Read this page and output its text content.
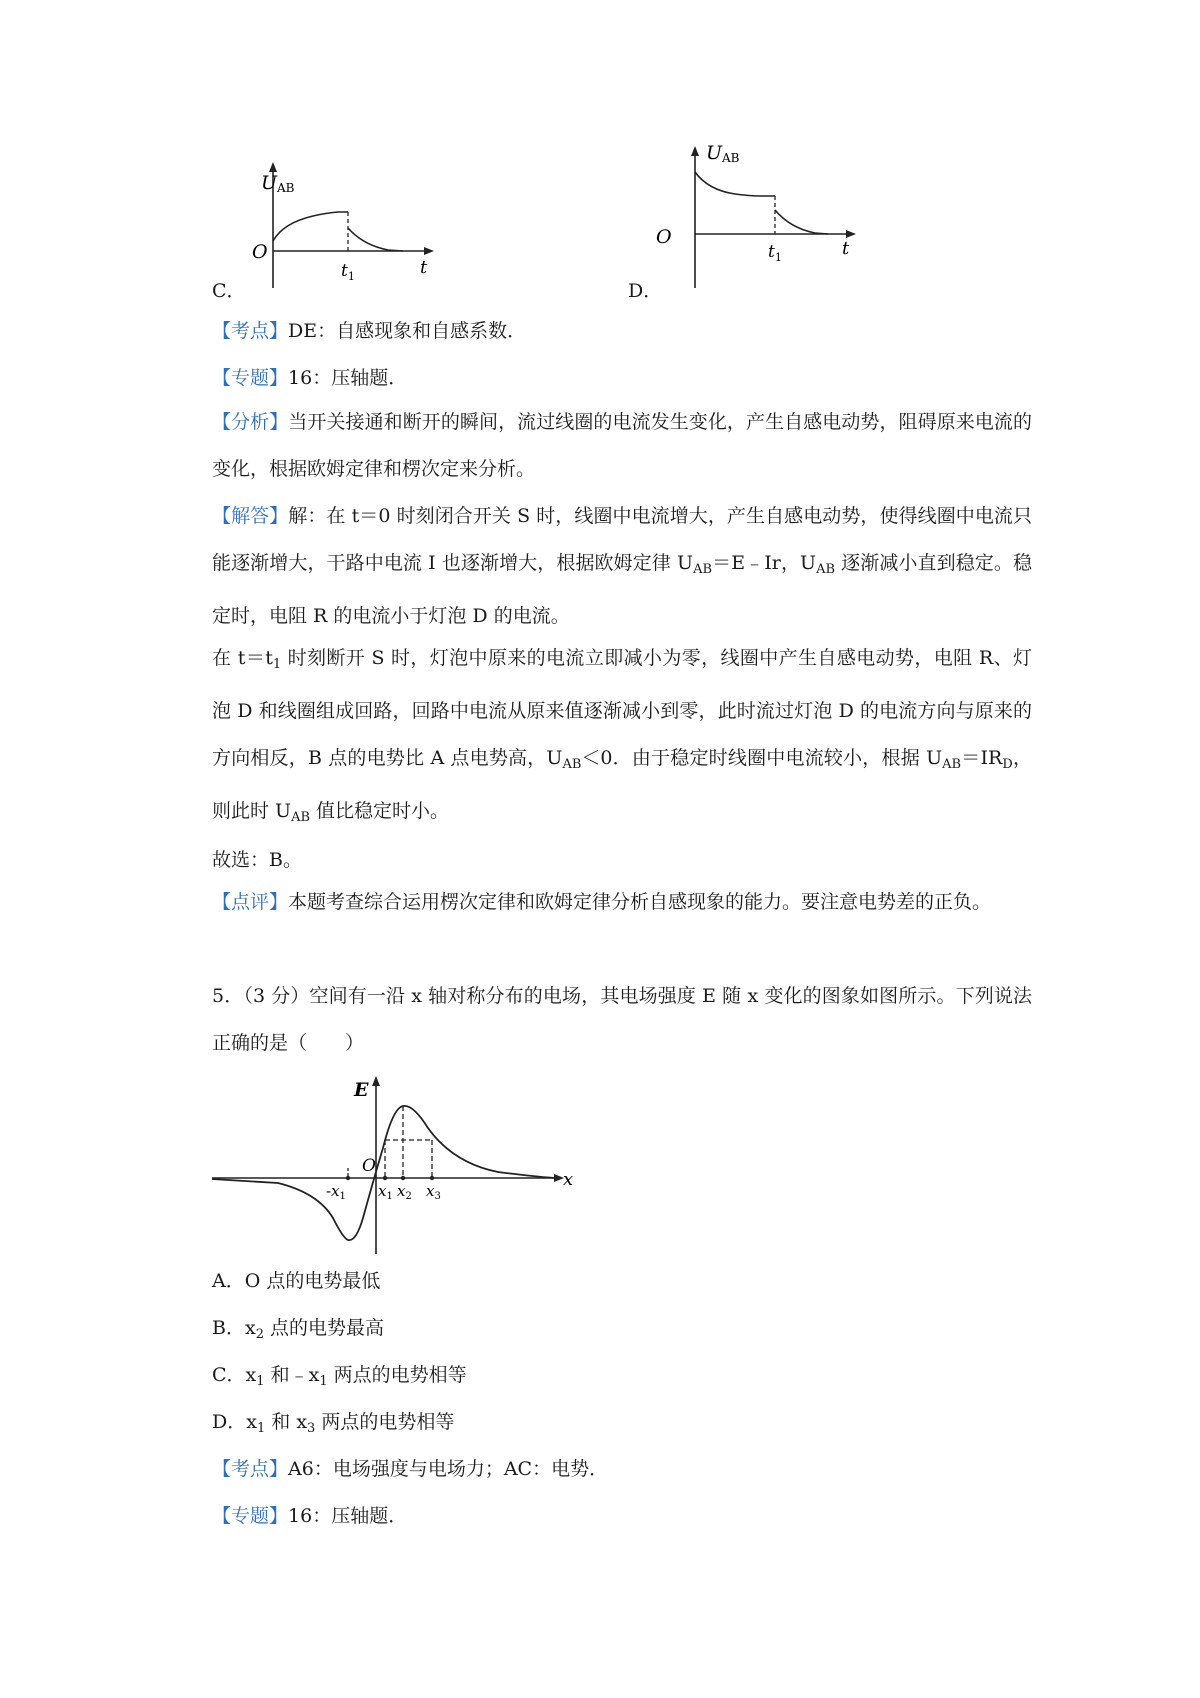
C．
UAB
O
$t_1$	t
D．
UAB
O
$t_1$	t
【考点】DE：自感现象和自感系数．
【专题】16：压轴题．
【分析】当开关接通和断开的瞬间，流过线圈的电流发生变化，产生自感电动势，阻碍原来电流的变化，根据欧姆定律和楞次定来分析。
【解答】解：在 t＝0 时刻闭合开关 S 时，线圈中电流增大，产生自感电动势，使得线圈中电流只能逐渐增大，干路中电流 I 也逐渐增大，根据欧姆定律 $U_{AB}=E﹣Ir$，$U_{AB}$ 逐渐减小直到稳定。稳定时，电阻 R 的电流小于灯泡 D 的电流。
在 $t=t_1$ 时刻断开 S 时，灯泡中原来的电流立即减小为零，线圈中产生自感电动势，电阻 R、灯泡 D 和线圈组成回路，回路中电流从原来值逐渐减小到零，此时流过灯泡 D 的电流方向与原来的方向相反，B 点的电势比 A 点电势高，$U_{AB}<0$．由于稳定时线圈中电流较小，根据 $U_{AB}=IR_D$，则此时 $U_{AB}$ 值比稳定时小。
故选：B。
【点评】本题考查综合运用楞次定律和欧姆定律分析自感现象的能力。要注意电势差的正负。
5．（3 分）空间有一沿 x 轴对称分布的电场，其电场强度 E 随 x 变化的图象如图所示。下列说法正确的是（　　）
E
O
x
$-x_1$ $x_1$ $x_2$ $x_3$
A．O 点的电势最低
B．$x_2$ 点的电势最高
C．$x_1$ 和$﹣x_1$ 两点的电势相等
D．$x_1$ 和 $x_3$ 两点的电势相等
【考点】A6：电场强度与电场力；AC：电势．
【专题】16：压轴题．
